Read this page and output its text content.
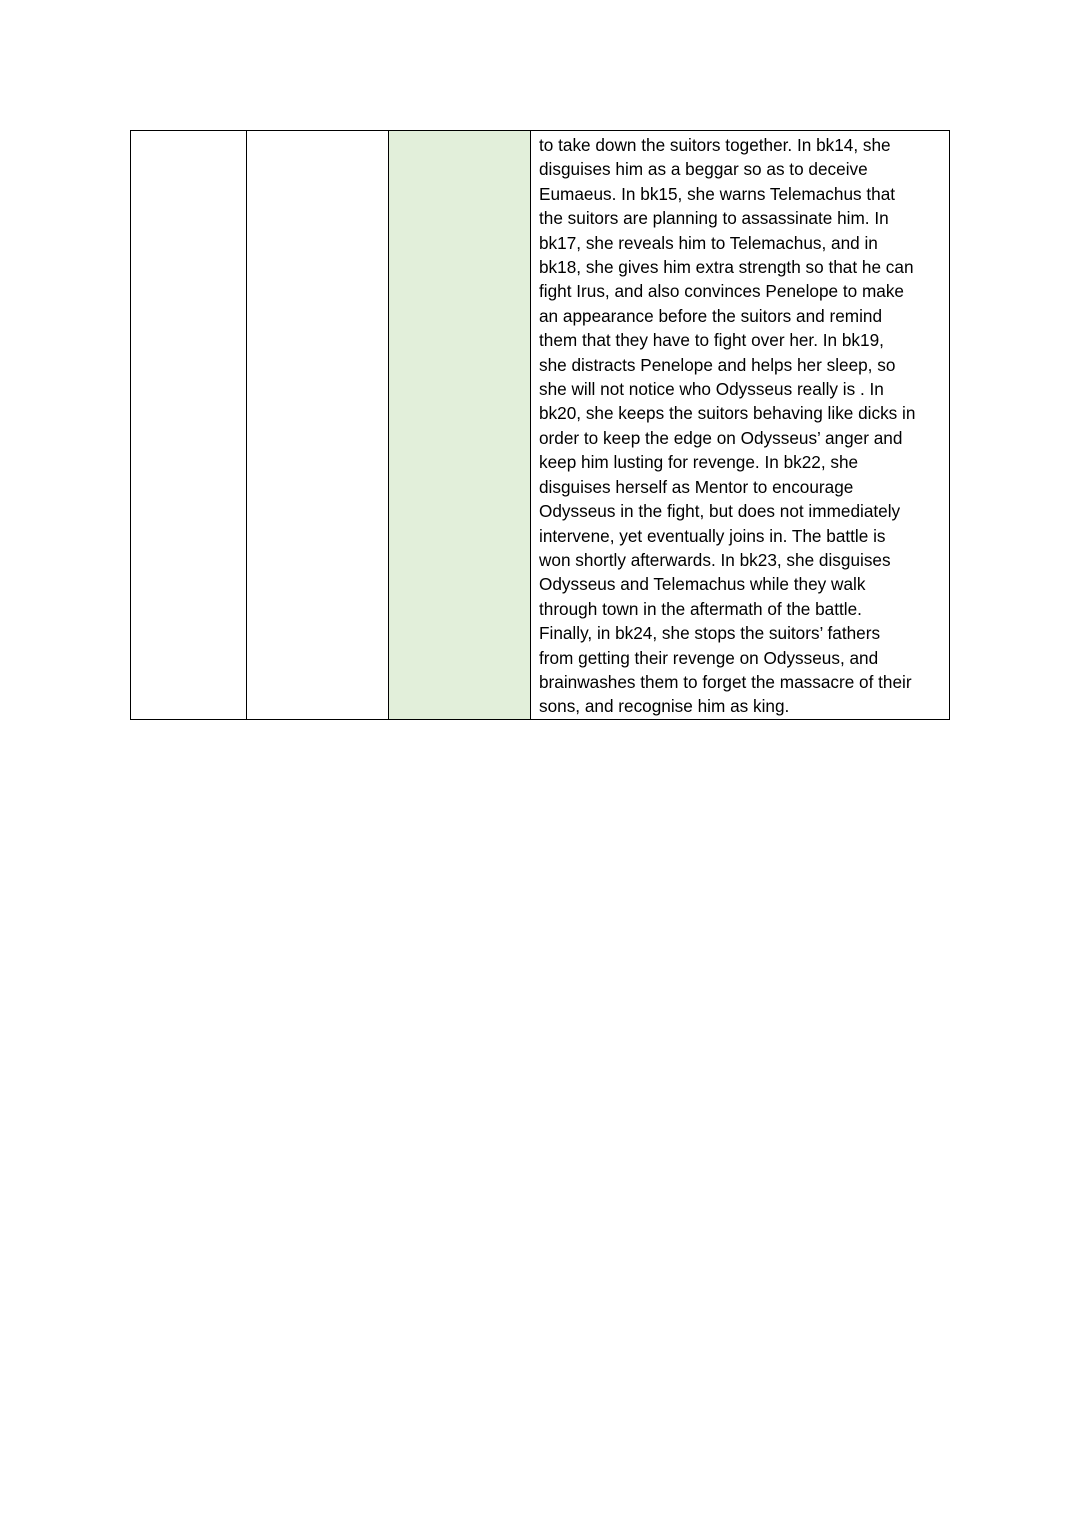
to take down the suitors together. In bk14, she
disguises him as a beggar so as to deceive
Eumaeus. In bk15, she warns Telemachus that
the suitors are planning to assassinate him. In
bk17, she reveals him to Telemachus, and in
bk18, she gives him extra strength so that he can
fight Irus, and also convinces Penelope to make
an appearance before the suitors and remind
them that they have to fight over her. In bk19,
she distracts Penelope and helps her sleep, so
she will not notice who Odysseus really is . In
bk20, she keeps the suitors behaving like dicks in
order to keep the edge on Odysseus’ anger and
keep him lusting for revenge. In bk22, she
disguises herself as Mentor to encourage
Odysseus in the fight, but does not immediately
intervene, yet eventually joins in. The battle is
won shortly afterwards. In bk23, she disguises
Odysseus and Telemachus while they walk
through town in the aftermath of the battle.
Finally, in bk24, she stops the suitors’ fathers
from getting their revenge on Odysseus, and
brainwashes them to forget the massacre of their
sons, and recognise him as king.
